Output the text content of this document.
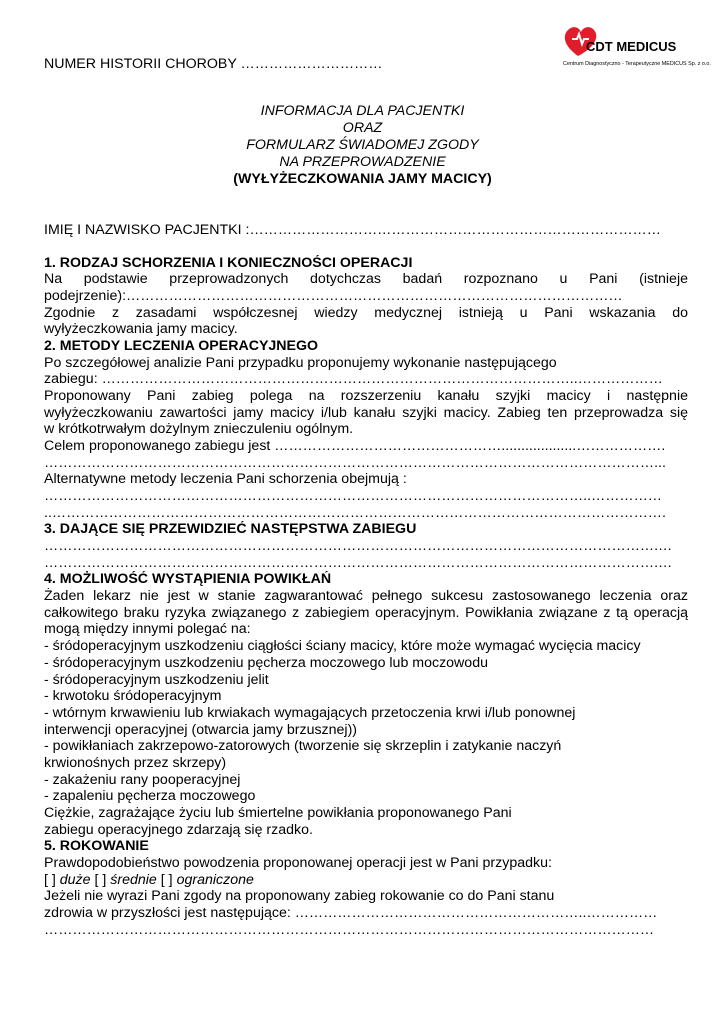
NUMER HISTORII CHOROBY …………………………
CDT MEDICUS
Centrum Diagnostyczno - Terapeutyczne MEDICUS Sp. z o.o.
INFORMACJA DLA PACJENTKI
ORAZ
FORMULARZ ŚWIADOMEJ ZGODY
NA PRZEPROWADZENIE
(WYŁYŻECZKOWANIA JAMY MACICY)
IMIĘ I NAZWISKO PACJENTKI :……………………………………………………………………………
1. RODZAJ SCHORZENIA I KONIECZNOŚCI OPERACJI
Na podstawie przeprowadzonych dotychczas badań rozpoznano u Pani (istnieje
podejrzenie):……………………………………………………………………………………………
Zgodnie z zasadami współczesnej wiedzy medycznej istnieją u Pani wskazania do
wyłyżeczkowania jamy macicy.
2. METODY LECZENIA OPERACYJNEGO
Po szczegółowej analizie Pani przypadku proponujemy wykonanie następującego
zabiegu: ………………………………………………………………………………………..………………
Proponowany Pani zabieg polega na rozszerzeniu kanału szyjki macicy i następnie
wyłyżeczkowaniu zawartości jamy macicy i/lub kanału szyjki macicy. Zabieg ten przeprowadza się
w krótkotrwałym dożylnym znieczuleniu ogólnym.
Celem proponowanego zabiegu jest …………………………………………...................……………….
…………………………………………………………………………………………………………………...
Alternatywne metody leczenia Pani schorzenia obejmują :
……………………………………………………………………………………………………..……………
..………………………………………………………………………………………………………………….
3. DAJĄCE SIĘ PRZEWIDZIEĆ NASTĘPSTWA ZABIEGU
………………………………………………………………………………………………………………….…
………………………………………………………………………………………………………………….…
4. MOŻLIWOŚĆ WYSTĄPIENIA POWIKŁAŃ
Żaden lekarz nie jest w stanie zagwarantować pełnego sukcesu zastosowanego leczenia oraz
całkowitego braku ryzyka związanego z zabiegiem operacyjnym. Powikłania związane z tą operacją
mogą między innymi polegać na:
- śródoperacyjnym uszkodzeniu ciągłości ściany macicy, które może wymagać wycięcia macicy
- śródoperacyjnym uszkodzeniu pęcherza moczowego lub moczowodu
- śródoperacyjnym uszkodzeniu jelit
- krwotoku śródoperacyjnym
- wtórnym krwawieniu lub krwiakach wymagających przetoczenia krwi i/lub ponownej
interwencji operacyjnej (otwarcia jamy brzusznej))
- powikłaniach zakrzepowo-zatorowych (tworzenie się skrzeplin i zatykanie naczyń
krwionośnych przez skrzepy)
- zakażeniu rany pooperacyjnej
- zapaleniu pęcherza moczowego
Ciężkie, zagrażające życiu lub śmiertelne powikłania proponowanego Pani
zabiegu operacyjnego zdarzają się rzadko.
5. ROKOWANIE
Prawdopodobieństwo powodzenia proponowanej operacji jest w Pani przypadku:
[ ] duże [ ] średnie [ ] ograniczone
Jeżeli nie wyrazi Pani zgody na proponowany zabieg rokowanie co do Pani stanu
zdrowia w przyszłości jest następujące: ……………………………………………………..……………
…………………………………………………………………………………………………………………
